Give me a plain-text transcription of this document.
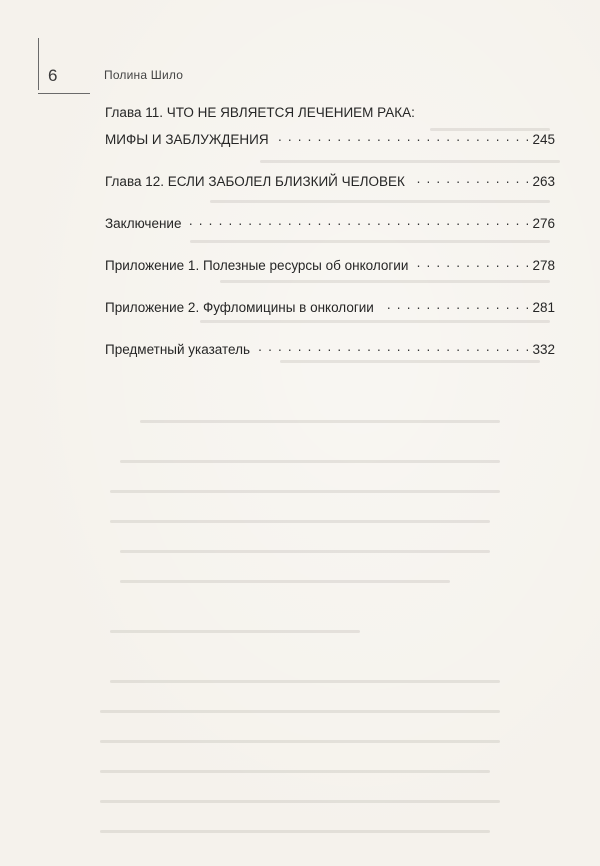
6	Полина Шило
Глава 11. ЧТО НЕ ЯВЛЯЕТСЯ ЛЕЧЕНИЕМ РАКА:
МИФЫ И ЗАБЛУЖДЕНИЯ . . .	245
Глава 12. ЕСЛИ ЗАБОЛЕЛ БЛИЗКИЙ ЧЕЛОВЕК . . .	263
Заключение . . .	276
Приложение 1. Полезные ресурсы об онкологии . . .	278
Приложение 2. Фуфломицины в онкологии . . .	281
Предметный указатель . . .	332
